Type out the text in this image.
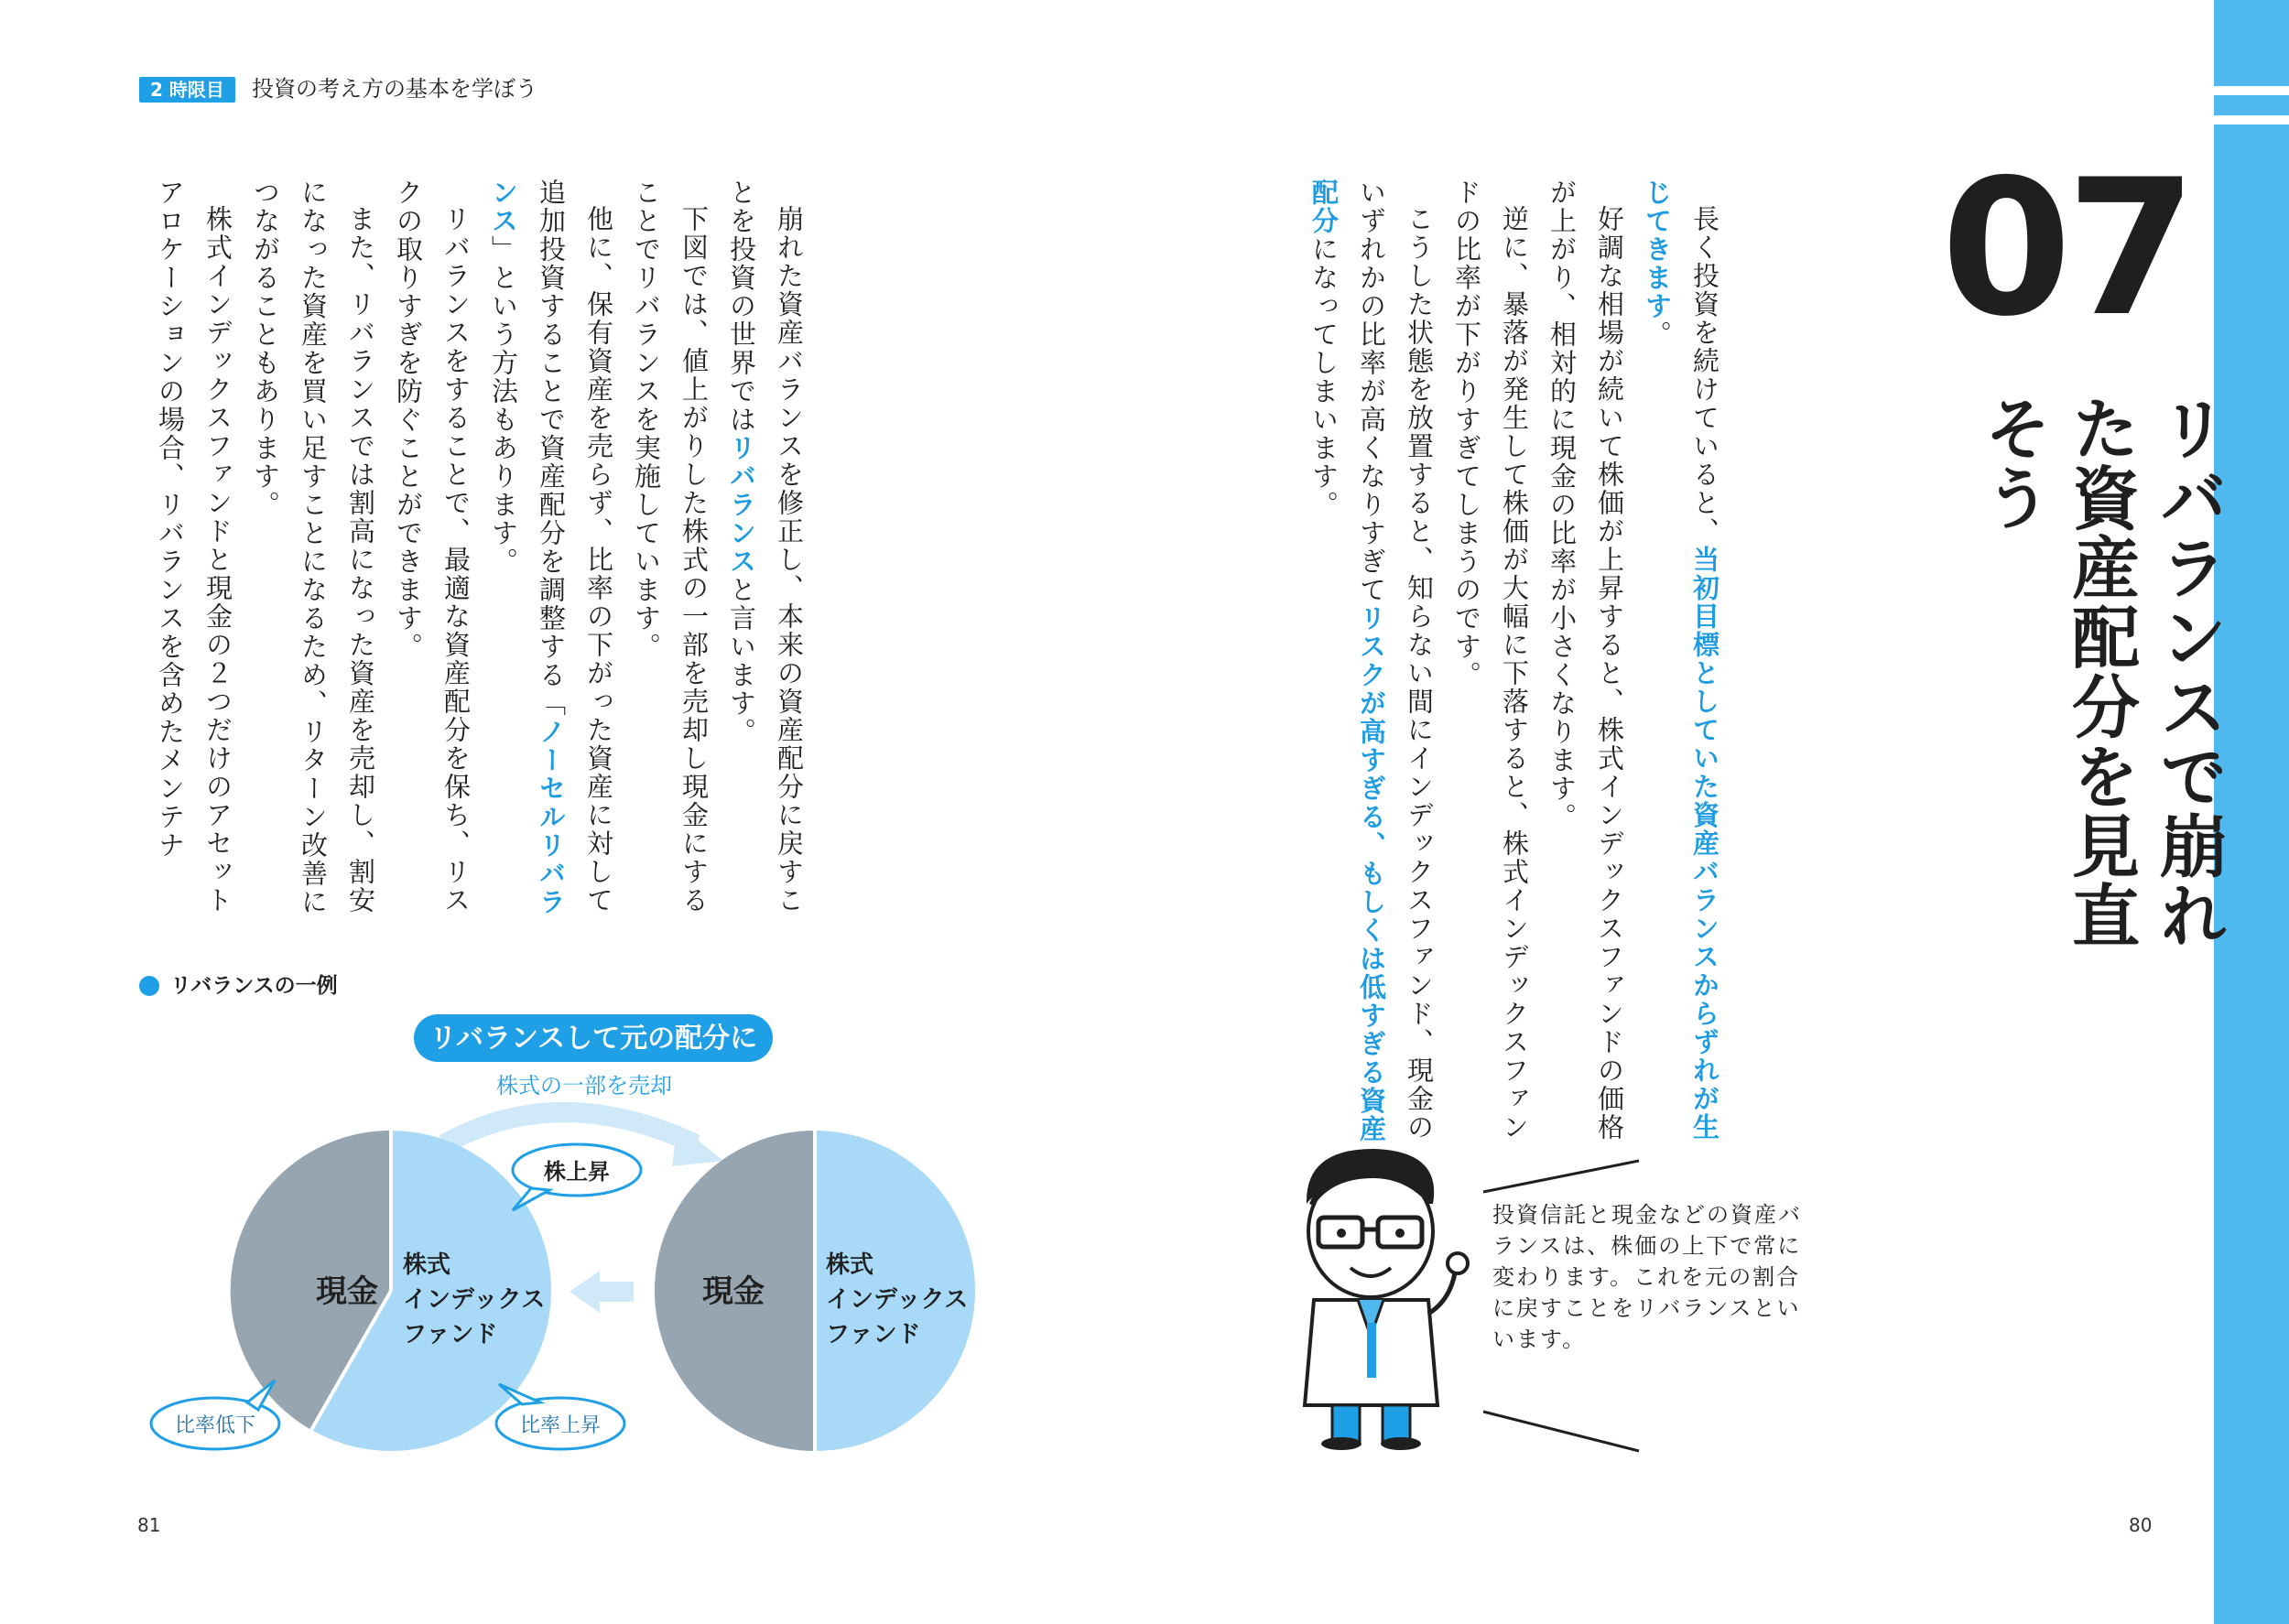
2 時限目	投資の考え方の基本を学ぼう
07
リバランスで崩れた資産配分を見直そう

長く投資を続けていると、当初目標としていた資産バランスからずれが生じてきます。

好調な相場が続いて株価が上昇すると、株式インデックスファンドの価格が上がり、相対的に現金の比率が小さくなります。

逆に、暴落が発生して株価が大幅に下落すると、株式インデックスファンドの比率が下がりすぎてしまうのです。

こうした状態を放置すると、知らない間にインデックスファンド、現金のいずれかの比率が高くなりすぎてリスクが高すぎる、もしくは低すぎる資産配分になってしまいます。

崩れた資産バランスを修正し、本来の資産配分に戻すことを投資の世界ではリバランスと言います。

下図では、値上がりした株式の一部を売却し現金にすることでリバランスを実施しています。

他に、保有資産を売らず、比率の下がった資産に対して追加投資することで資産配分を調整する「ノーセルリバランス」という方法もあります。

リバランスをすることで、最適な資産配分を保ち、リスクの取りすぎを防ぐことができます。

また、リバランスでは割高になった資産を売却し、割安になった資産を買い足すことになるため、リターン改善につながることもあります。

株式インデックスファンドと現金の２つだけのアセットアロケーションの場合、リバランスを含めたメンテナ

リバランスの一例
リバランスして元の配分に
株式の一部を売却
現金
株式
インデックス
ファンド
株上昇
比率低下	比率上昇
現金
株式
インデックス
ファンド
投資信託と現金などの資産バランスは、株価の上下で常に変わります。これを元の割合に戻すことをリバランスといいます。
81	80
